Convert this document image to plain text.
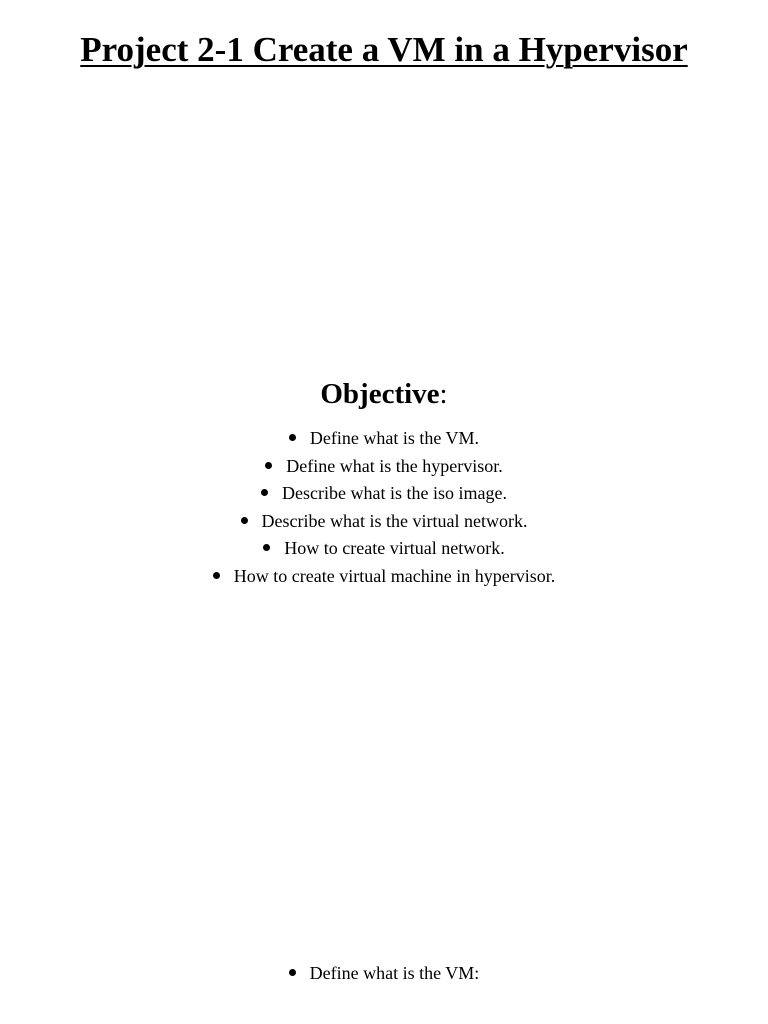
Project 2-1 Create a VM in a Hypervisor
Objective:
Define what is the VM.
Define what is the hypervisor.
Describe what is the iso image.
Describe what is the virtual network.
How to create virtual network.
How to create virtual machine in hypervisor.
Define what is the VM:
